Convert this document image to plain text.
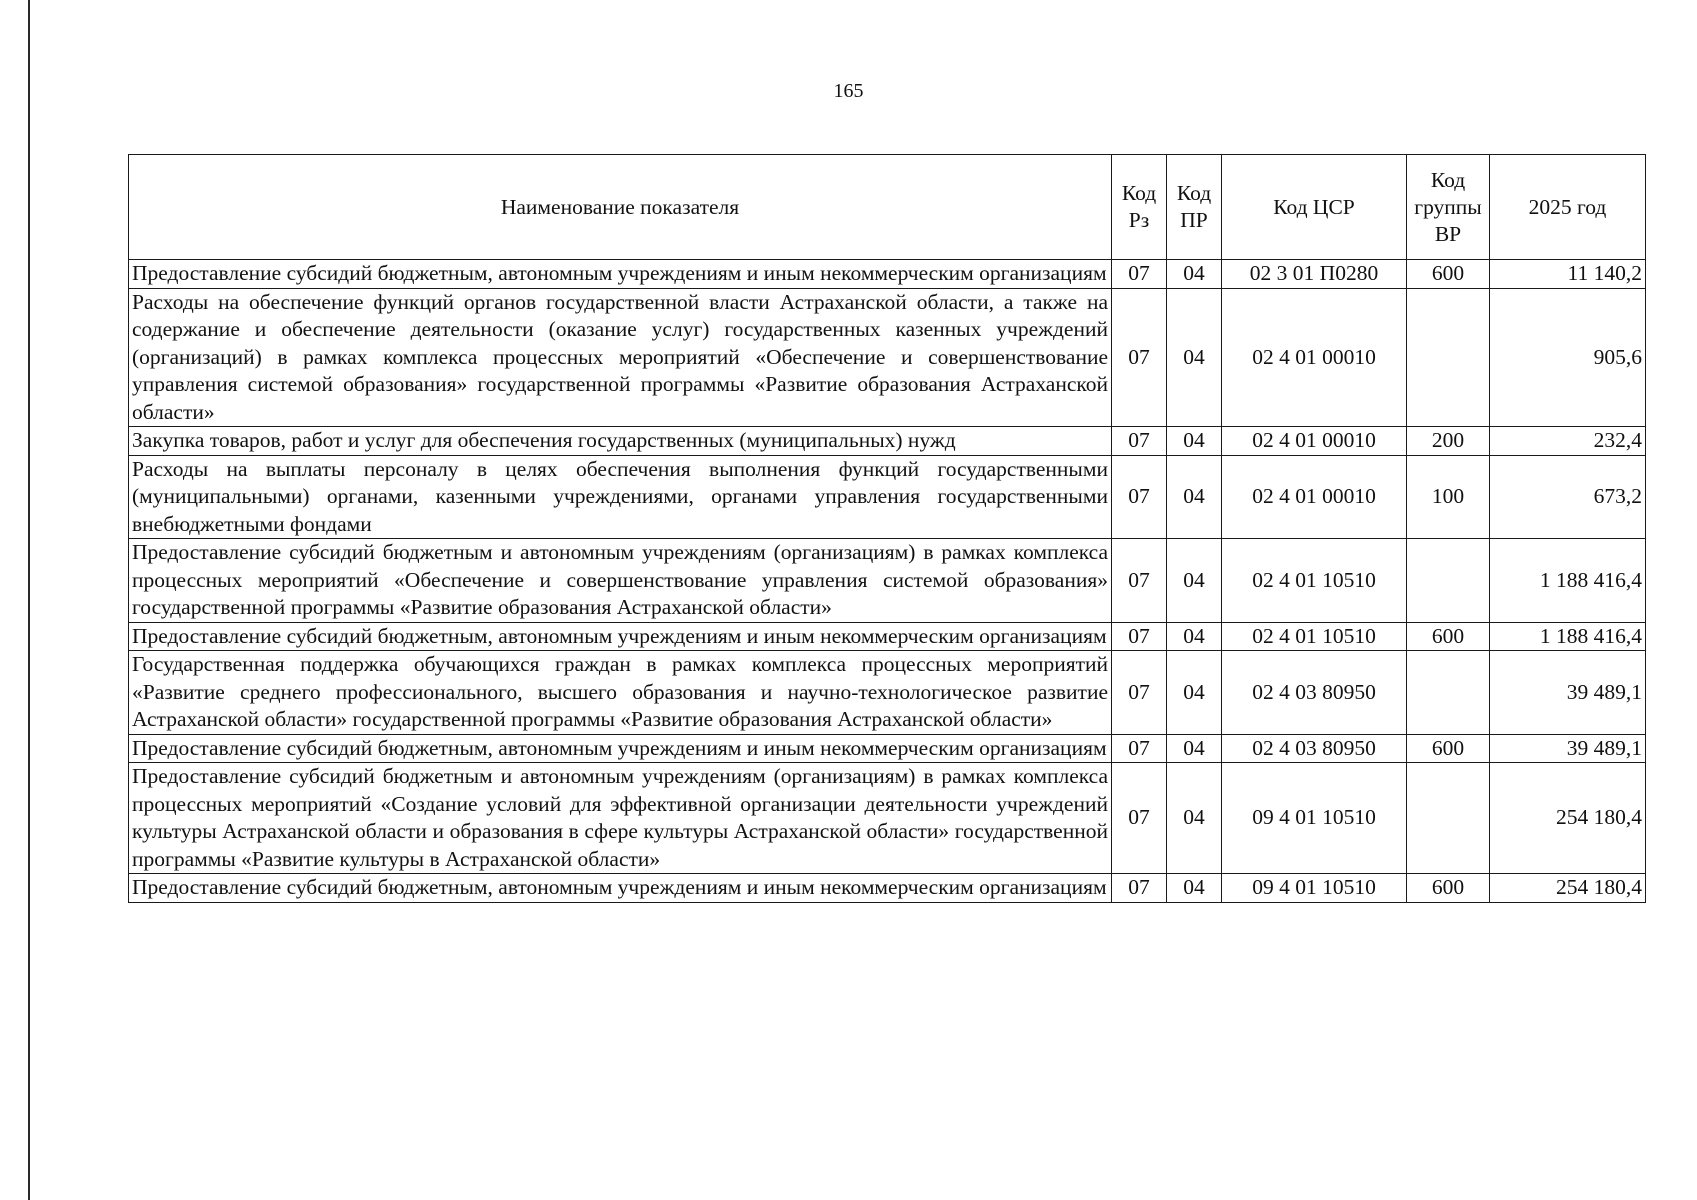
165
Наименование показателя	Код Рз	Код ПР	Код ЦСР	Код группы ВР	2025 год
Предоставление субсидий бюджетным, автономным учреждениям и иным некоммерческим организациям	07	04	02 3 01 П0280	600	11 140,2
Расходы на обеспечение функций органов государственной власти Астраханской области, а также на содержание и обеспечение деятельности (оказание услуг) государственных казенных учреждений (организаций) в рамках комплекса процессных мероприятий «Обеспечение и совершенствование управления системой образования» государственной программы «Развитие образования Астраханской области»	07	04	02 4 01 00010		905,6
Закупка товаров, работ и услуг для обеспечения государственных (муниципальных) нужд	07	04	02 4 01 00010	200	232,4
Расходы на выплаты персоналу в целях обеспечения выполнения функций государственными (муниципальными) органами, казенными учреждениями, органами управления государственными внебюджетными фондами	07	04	02 4 01 00010	100	673,2
Предоставление субсидий бюджетным и автономным учреждениям (организациям) в рамках комплекса процессных мероприятий «Обеспечение и совершенствование управления системой образования» государственной программы «Развитие образования Астраханской области»	07	04	02 4 01 10510		1 188 416,4
Предоставление субсидий бюджетным, автономным учреждениям и иным некоммерческим организациям	07	04	02 4 01 10510	600	1 188 416,4
Государственная поддержка обучающихся граждан в рамках комплекса процессных мероприятий «Развитие среднего профессионального, высшего образования и научно-технологическое развитие Астраханской области» государственной программы «Развитие образования Астраханской области»	07	04	02 4 03 80950		39 489,1
Предоставление субсидий бюджетным, автономным учреждениям и иным некоммерческим организациям	07	04	02 4 03 80950	600	39 489,1
Предоставление субсидий бюджетным и автономным учреждениям (организациям) в рамках комплекса процессных мероприятий «Создание условий для эффективной организации деятельности учреждений культуры Астраханской области и образования в сфере культуры Астраханской области» государственной программы «Развитие культуры в Астраханской области»	07	04	09 4 01 10510		254 180,4
Предоставление субсидий бюджетным, автономным учреждениям и иным некоммерческим организациям	07	04	09 4 01 10510	600	254 180,4
